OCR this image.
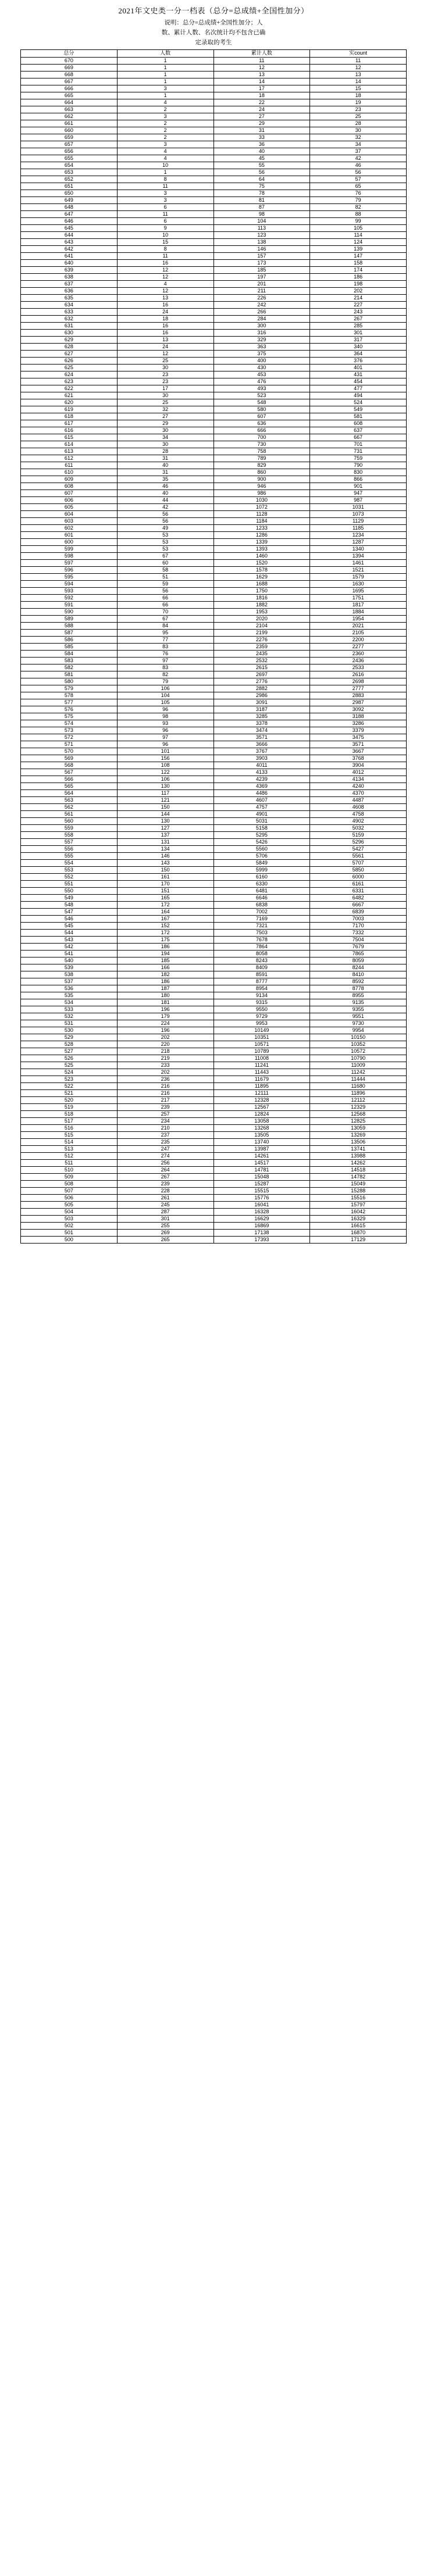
2021年文史类一分一档表（总分=总成绩+全国性加分）
说明：总分=总成绩+全国性加分；人
数、累计人数、名次统计均不包含已确
定录取的考生
总分	人数	累计人数	实count
670	1	11	11
669	1	12	12
668	1	13	13
667	1	14	14
666	3	17	15
665	1	18	18
664	4	22	19
663	2	24	23
662	3	27	25
661	2	29	28
660	2	31	30
659	2	33	32
657	3	36	34
656	4	40	37
655	4	45	42
654	10	55	46
653	1	56	56
652	8	64	57
651	11	75	65
650	3	78	76
649	3	81	79
648	6	87	82
647	11	98	88
646	6	104	99
645	9	113	105
644	10	123	114
643	15	138	124
642	8	146	139
641	11	157	147
640	16	173	158
639	12	185	174
638	12	197	186
637	4	201	198
636	12	211	202
635	13	226	214
634	16	242	227
633	24	266	243
632	18	284	267
631	16	300	285
630	16	316	301
629	13	329	317
628	24	363	340
627	12	375	364
626	25	400	376
625	30	430	401
624	23	453	431
623	23	476	454
622	17	493	477
621	30	523	494
620	25	548	524
619	32	580	549
618	27	607	581
617	29	636	608
616	30	666	637
615	34	700	667
614	30	730	701
613	28	758	731
612	31	789	759
611	40	829	790
610	31	860	830
609	35	900	866
608	46	946	901
607	40	986	947
606	44	1030	987
605	42	1072	1031
604	56	1128	1073
603	56	1184	1129
602	49	1233	1185
601	53	1286	1234
600	53	1339	1287
599	53	1393	1340
598	67	1460	1394
597	60	1520	1461
596	58	1578	1521
595	51	1629	1579
594	59	1688	1630
593	56	1750	1695
592	66	1816	1751
591	66	1882	1817
590	70	1953	1884
589	67	2020	1954
588	84	2104	2021
587	95	2199	2105
586	77	2276	2200
585	83	2359	2277
584	76	2435	2360
583	97	2532	2436
582	83	2615	2533
581	82	2697	2616
580	79	2776	2698
579	106	2882	2777
578	104	2986	2883
577	105	3091	2987
576	96	3187	3092
575	98	3285	3188
574	93	3378	3286
573	96	3474	3379
572	97	3571	3475
571	96	3666	3571
570	101	3767	3667
569	156	3903	3768
568	108	4011	3904
567	122	4133	4012
566	106	4239	4134
565	130	4369	4240
564	117	4486	4370
563	121	4607	4487
562	150	4757	4608
561	144	4901	4758
560	130	5031	4902
559	127	5158	5032
558	137	5295	5159
557	131	5426	5296
556	134	5560	5427
555	146	5706	5561
554	143	5849	5707
553	150	5999	5850
552	161	6160	6000
551	170	6330	6161
550	151	6481	6331
549	165	6646	6482
548	172	6838	6667
547	164	7002	6839
546	167	7169	7003
545	152	7321	7170
544	172	7503	7332
543	175	7678	7504
542	186	7864	7679
541	194	8058	7865
540	185	8243	8059
539	166	8409	8244
538	182	8591	8410
537	186	8777	8592
536	187	8954	8778
535	180	9134	8955
534	181	9315	9135
533	196	9550	9355
532	179	9729	9551
531	224	9953	9730
530	196	10149	9954
529	202	10351	10150
528	220	10571	10352
527	218	10789	10572
526	219	11008	10790
525	233	11241	11009
524	202	11443	11242
523	236	11679	11444
522	216	11895	11680
521	216	12111	11896
520	217	12328	12112
519	239	12567	12329
518	257	12824	12568
517	234	13058	12825
516	210	13268	13059
515	237	13505	13269
514	235	13740	13506
513	247	13987	13741
512	274	14261	13988
511	256	14517	14262
510	264	14781	14518
509	267	15048	14782
508	239	15287	15049
507	228	15515	15288
506	261	15776	15516
505	245	16041	15797
504	287	16328	16042
503	301	16629	16329
502	255	16869	16615
501	269	17138	16870
500	265	17393	17129
